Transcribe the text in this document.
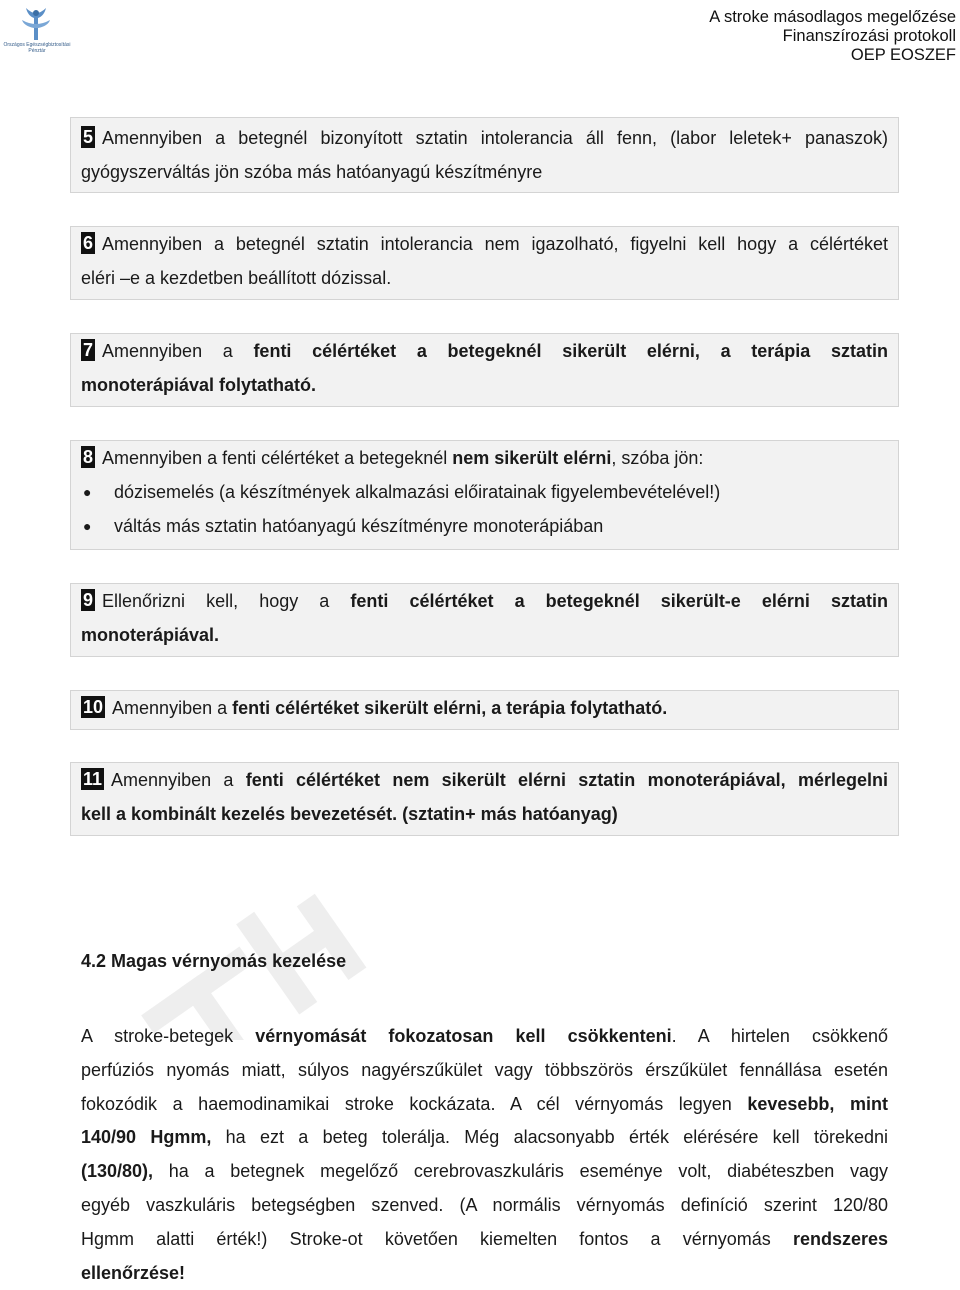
Országos Egészségbiztosítási Pénztár
A stroke másodlagos megelőzése
Finanszírozási protokoll
OEP EOSZEF
5 Amennyiben a betegnél bizonyított sztatin intolerancia áll fenn, (labor leletek+ panaszok)
gyógyszerváltás jön szóba más hatóanyagú készítményre
6 Amennyiben a betegnél sztatin intolerancia nem igazolható, figyelni kell hogy a célértéket
eléri –e a kezdetben beállított dózissal.
7 Amennyiben a fenti célértéket a betegeknél sikerült elérni, a terápia sztatin
monoterápiával folytatható.
8 Amennyiben a fenti célértéket a betegeknél nem sikerült elérni, szóba jön:
● dózisemelés (a készítmények alkalmazási előiratainak figyelembevételével!)
● váltás más sztatin hatóanyagú készítményre monoterápiában
9 Ellenőrizni kell, hogy a fenti célértéket a betegeknél sikerült-e elérni sztatin
monoterápiával.
10 Amennyiben a fenti célértéket sikerült elérni, a terápia folytatható.
11 Amennyiben a fenti célértéket nem sikerült elérni sztatin monoterápiával, mérlegelni
kell a kombinált kezelés bevezetését. (sztatin+ más hatóanyag)
4.2 Magas vérnyomás kezelése
A stroke-betegek vérnyomását fokozatosan kell csökkenteni. A hirtelen csökkenő
perfúziós nyomás miatt, súlyos nagyérszűkület vagy többszörös érszűkület fennállása esetén
fokozódik a haemodinamikai stroke kockázata. A cél vérnyomás legyen kevesebb, mint
140/90 Hgmm, ha ezt a beteg tolerálja. Még alacsonyabb érték elérésére kell törekedni
(130/80), ha a betegnek megelőző cerebrovaszkuláris eseménye volt, diabéteszben vagy
egyéb vaszkuláris betegségben szenved. (A normális vérnyomás definíció szerint 120/80
Hgmm alatti érték!) Stroke-ot követően kiemelten fontos a vérnyomás rendszeres
ellenőrzése!
